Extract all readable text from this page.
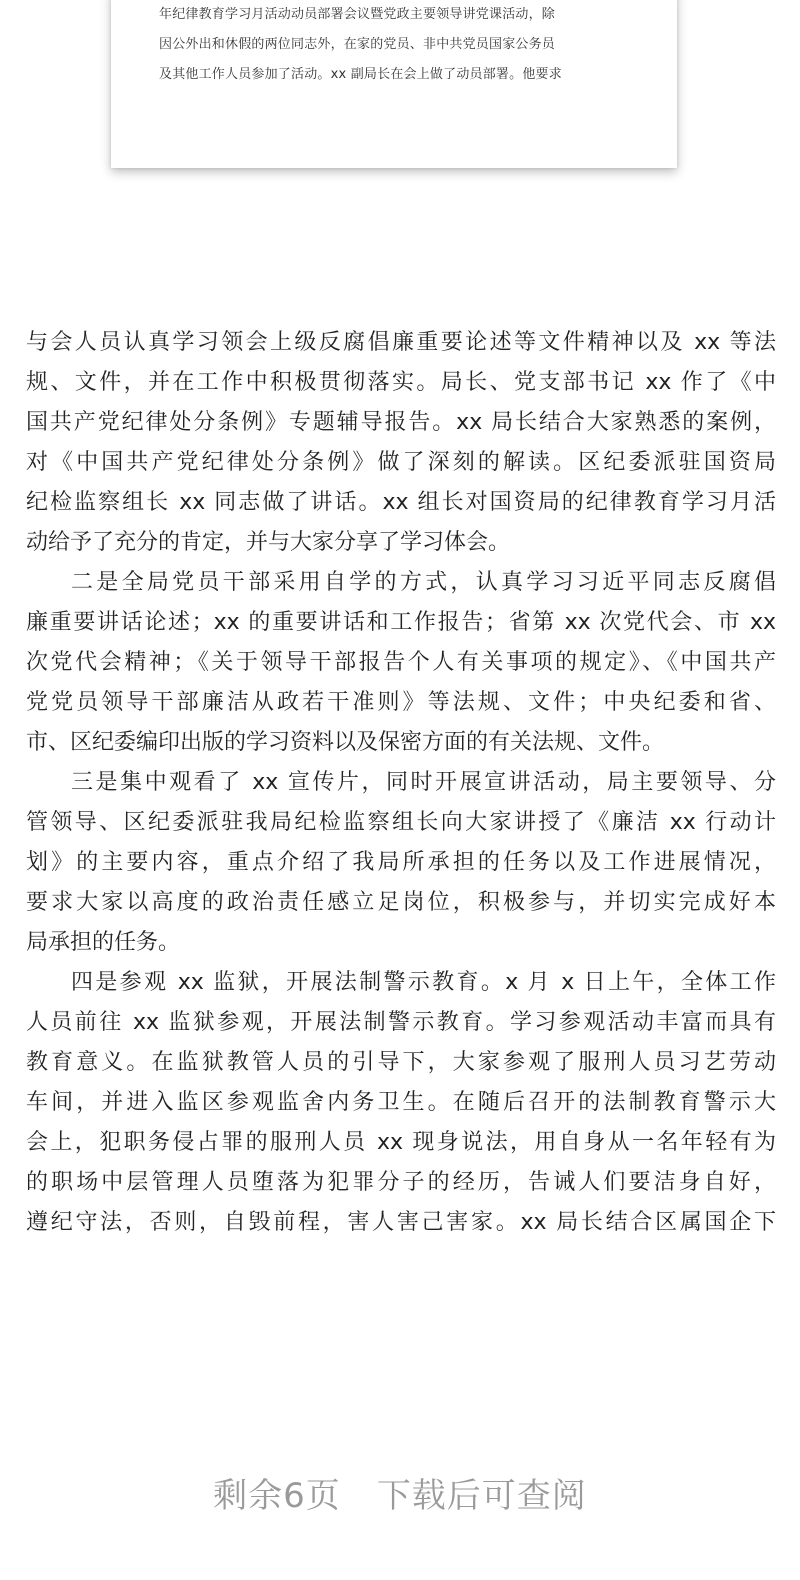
年纪律教育学习月活动动员部署会议暨党政主要领导讲党课活动，除
因公外出和休假的两位同志外，在家的党员、非中共党员国家公务员
及其他工作人员参加了活动。xx 副局长在会上做了动员部署。他要求
与会人员认真学习领会上级反腐倡廉重要论述等文件精神以及 xx 等法
规、文件，并在工作中积极贯彻落实。局长、党支部书记 xx 作了《中
国共产党纪律处分条例》专题辅导报告。xx 局长结合大家熟悉的案例，
对《中国共产党纪律处分条例》做了深刻的解读。区纪委派驻国资局
纪检监察组长 xx 同志做了讲话。xx 组长对国资局的纪律教育学习月活
动给予了充分的肯定，并与大家分享了学习体会。
二是全局党员干部采用自学的方式，认真学习习近平同志反腐倡
廉重要讲话论述；xx 的重要讲话和工作报告；省第 xx 次党代会、市 xx
次党代会精神；《关于领导干部报告个人有关事项的规定》、《中国共产
党党员领导干部廉洁从政若干准则》等法规、文件；中央纪委和省、
市、区纪委编印出版的学习资料以及保密方面的有关法规、文件。
三是集中观看了 xx 宣传片，同时开展宣讲活动，局主要领导、分
管领导、区纪委派驻我局纪检监察组长向大家讲授了《廉洁 xx 行动计
划》的主要内容，重点介绍了我局所承担的任务以及工作进展情况，
要求大家以高度的政治责任感立足岗位，积极参与，并切实完成好本
局承担的任务。
四是参观 xx 监狱，开展法制警示教育。x 月 x 日上午，全体工作
人员前往 xx 监狱参观，开展法制警示教育。学习参观活动丰富而具有
教育意义。在监狱教管人员的引导下，大家参观了服刑人员习艺劳动
车间，并进入监区参观监舍内务卫生。在随后召开的法制教育警示大
会上，犯职务侵占罪的服刑人员 xx 现身说法，用自身从一名年轻有为
的职场中层管理人员堕落为犯罪分子的经历，告诫人们要洁身自好，
遵纪守法，否则，自毁前程，害人害己害家。xx 局长结合区属国企下
剩余6页 下载后可查阅
